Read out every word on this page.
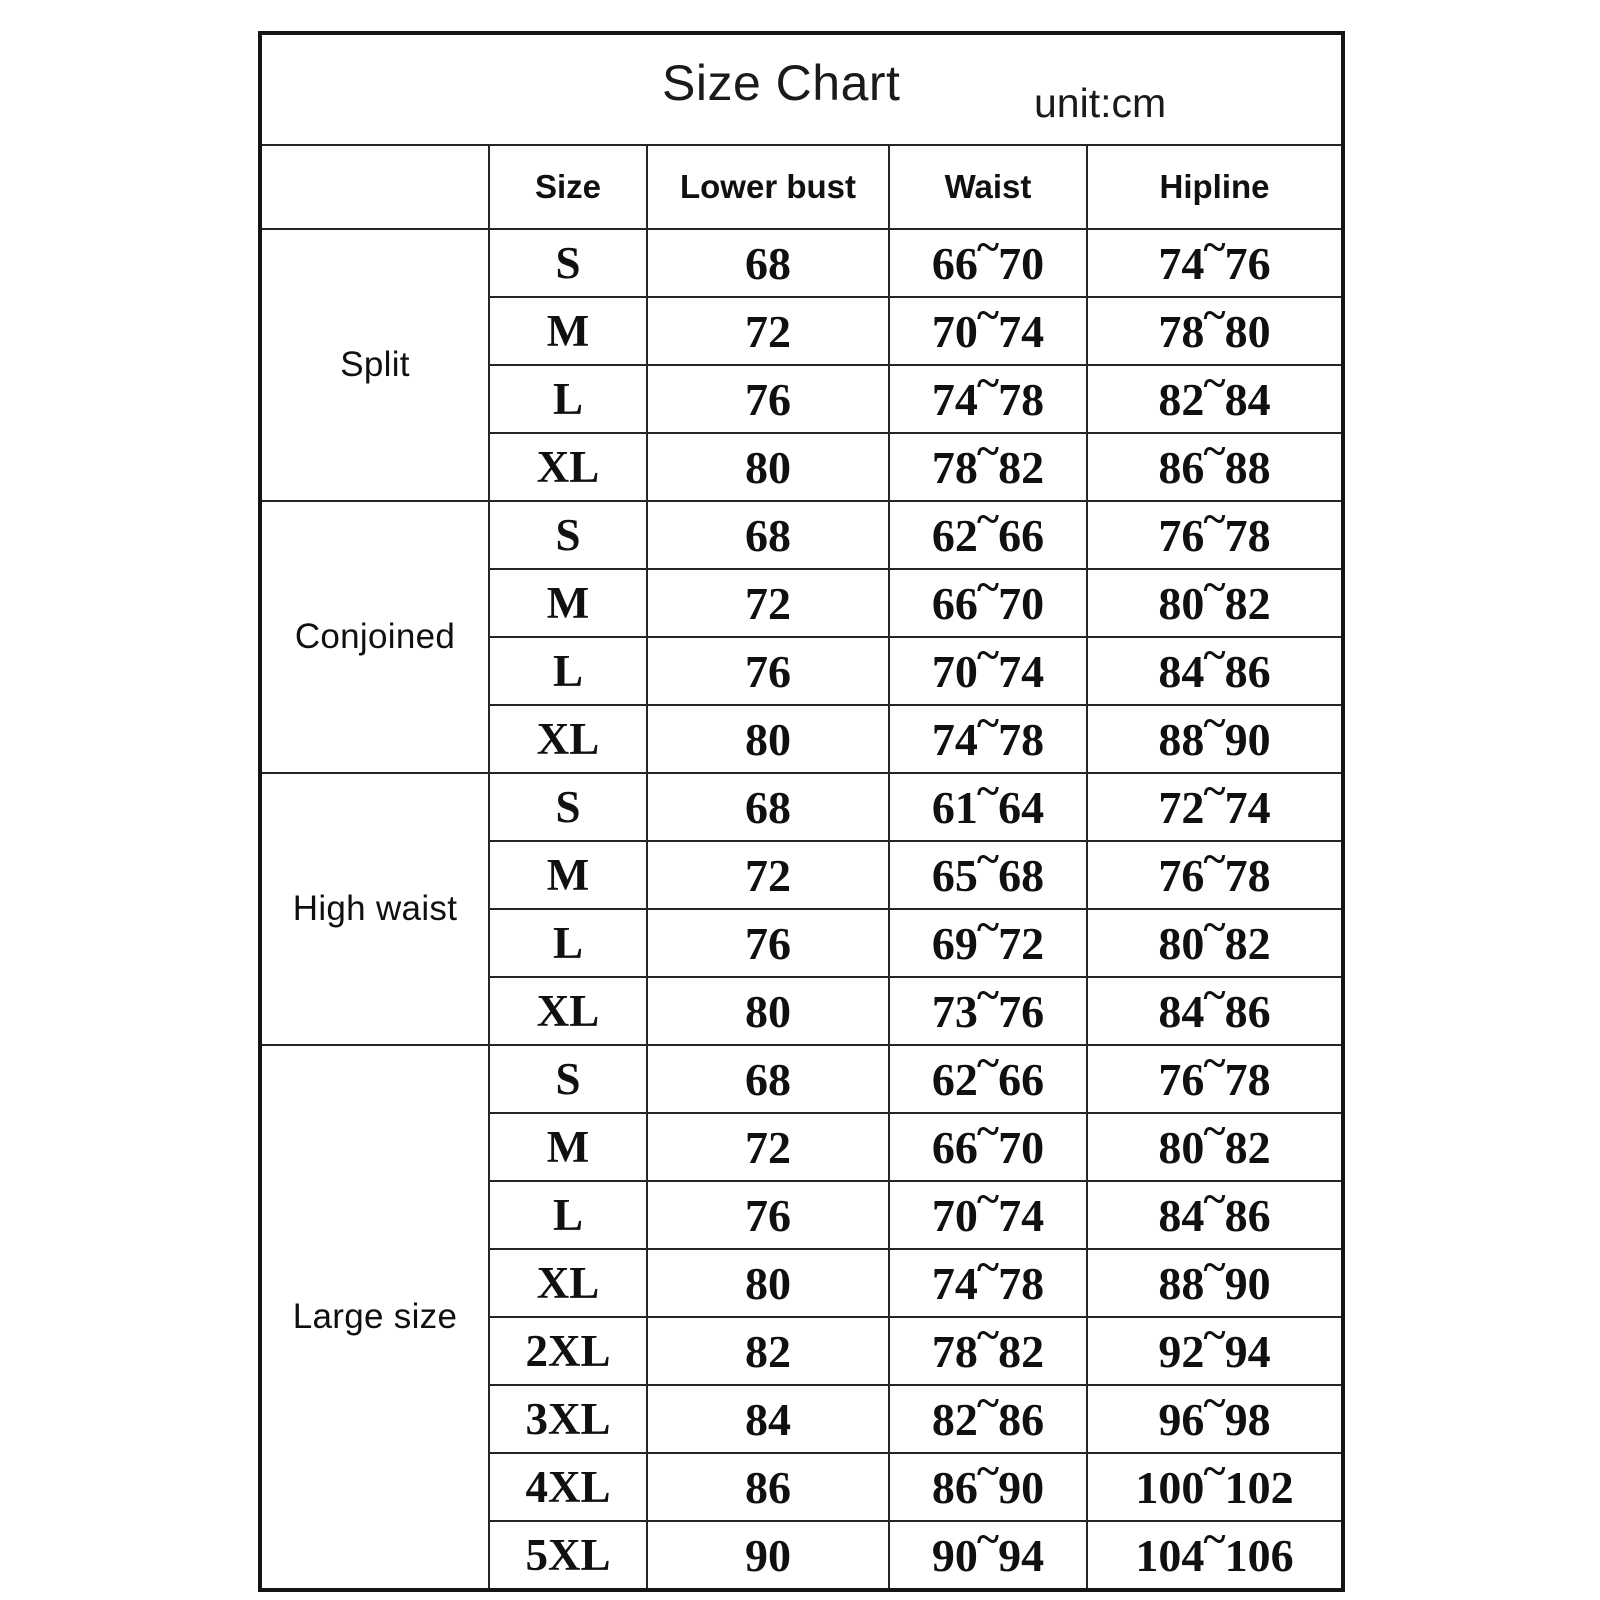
Size Chart unit:cm				

	Size	Lower bust	Waist	Hipline
Split	S	68	66~70	74~76
	M	72	70~74	78~80
	L	76	74~78	82~84
	XL	80	78~82	86~88
Conjoined	S	68	62~66	76~78
	M	72	66~70	80~82
	L	76	70~74	84~86
	XL	80	74~78	88~90
High waist	S	68	61~64	72~74
	M	72	65~68	76~78
	L	76	69~72	80~82
	XL	80	73~76	84~86
Large size	S	68	62~66	76~78
	M	72	66~70	80~82
	L	76	70~74	84~86
	XL	80	74~78	88~90
	2XL	82	78~82	92~94
	3XL	84	82~86	96~98
	4XL	86	86~90	100~102
	5XL	90	90~94	104~106
